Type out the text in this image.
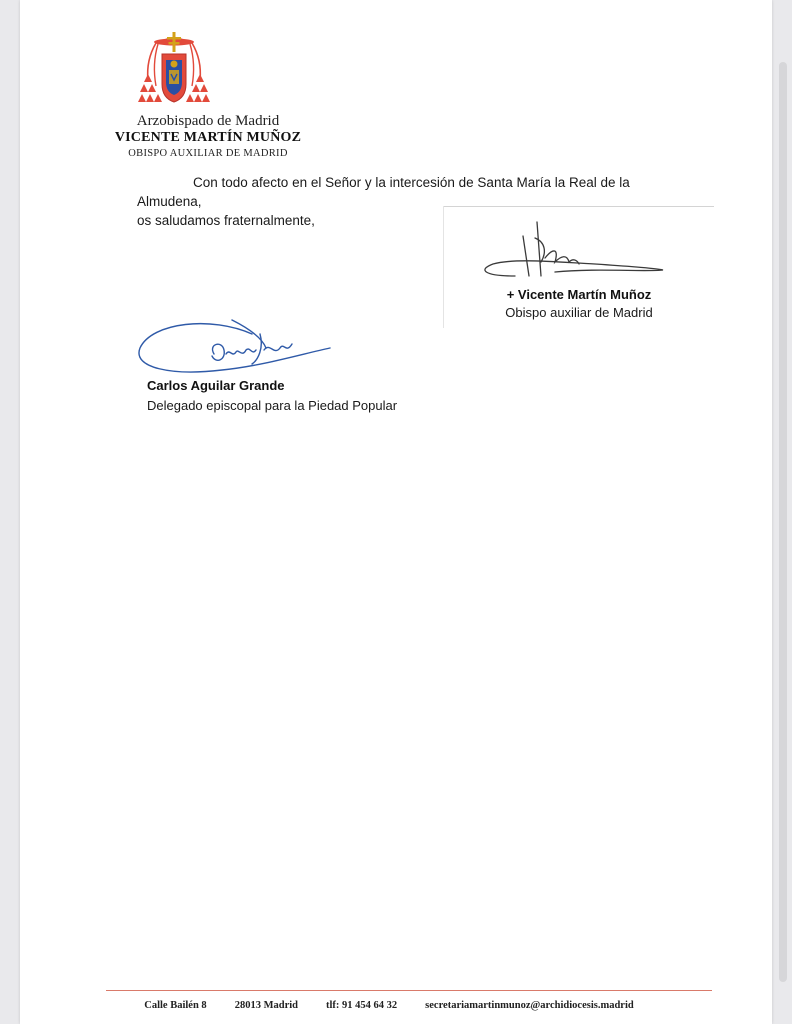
Arzobispado de Madrid

VICENTE MARTÍN MUÑOZ

OBISPO AUXILIAR DE MADRID

Con todo afecto en el Señor y la intercesión de Santa María la Real de la

Almudena,

os saludamos fraternalmente,

+ Vicente Martín Muñoz

Obispo auxiliar de Madrid

Carlos Aguilar Grande

Delegado episcopal para la Piedad Popular

Calle Bailén 8	28013 Madrid	tlf: 91 454 64 32	secretariamartinmunoz@archidiocesis.madrid
